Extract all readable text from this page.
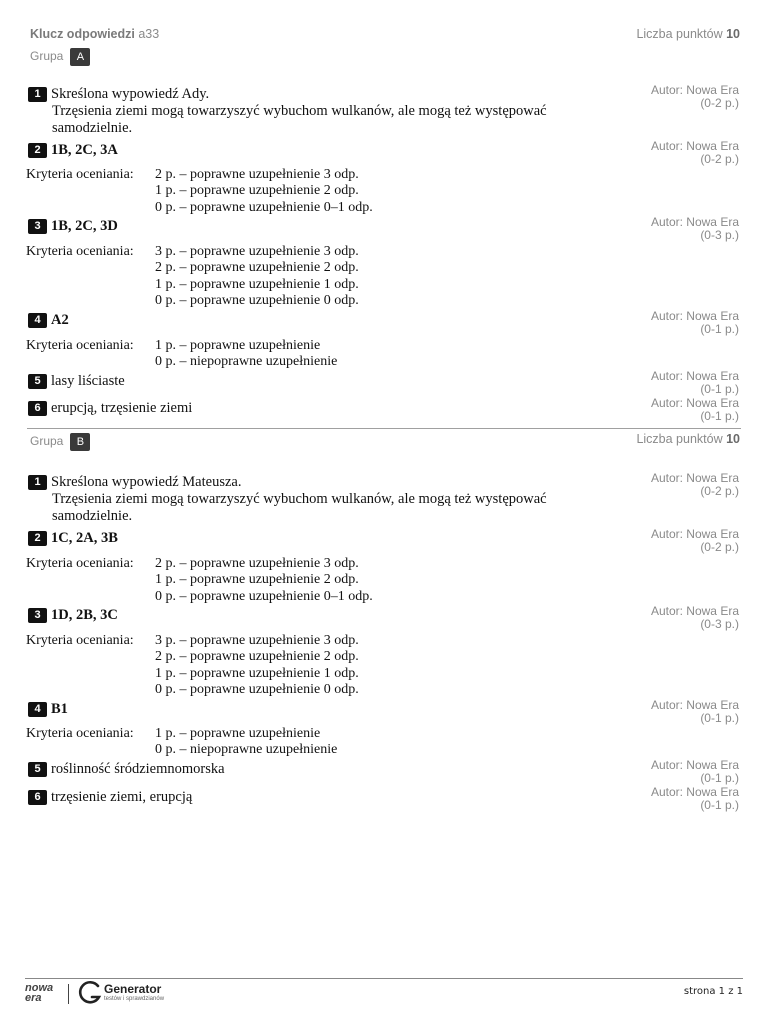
Klucz odpowiedzi a33	Liczba punktów 10
Grupa A
1 Skreślona wypowiedź Ady.

Trzęsienia ziemi mogą towarzyszyć wybuchom wulkanów, ale mogą też występować
samodzielnie.
Autor: Nowa Era
(0-2 p.)
2 1B, 2C, 3A	Autor: Nowa Era
(0-2 p.)
Kryteria oceniania: 2 p. – poprawne uzupełnienie 3 odp.
1 p. – poprawne uzupełnienie 2 odp.
0 p. – poprawne uzupełnienie 0–1 odp.
3 1B, 2C, 3D	Autor: Nowa Era
(0-3 p.)
Kryteria oceniania: 3 p. – poprawne uzupełnienie 3 odp.
2 p. – poprawne uzupełnienie 2 odp.
1 p. – poprawne uzupełnienie 1 odp.
0 p. – poprawne uzupełnienie 0 odp.
4 A2	Autor: Nowa Era
(0-1 p.)
Kryteria oceniania: 1 p. – poprawne uzupełnienie
0 p. – niepoprawne uzupełnienie
5 lasy liściaste	Autor: Nowa Era
(0-1 p.)
6 erupcją, trzęsienie ziemi	Autor: Nowa Era
(0-1 p.)
Grupa B	Liczba punktów 10
1 Skreślona wypowiedź Mateusza.

Trzęsienia ziemi mogą towarzyszyć wybuchom wulkanów, ale mogą też występować
samodzielnie.
Autor: Nowa Era
(0-2 p.)
2 1C, 2A, 3B	Autor: Nowa Era
(0-2 p.)
Kryteria oceniania: 2 p. – poprawne uzupełnienie 3 odp.
1 p. – poprawne uzupełnienie 2 odp.
0 p. – poprawne uzupełnienie 0–1 odp.
3 1D, 2B, 3C	Autor: Nowa Era
(0-3 p.)
Kryteria oceniania: 3 p. – poprawne uzupełnienie 3 odp.
2 p. – poprawne uzupełnienie 2 odp.
1 p. – poprawne uzupełnienie 1 odp.
0 p. – poprawne uzupełnienie 0 odp.
4 B1	Autor: Nowa Era
(0-1 p.)
Kryteria oceniania: 1 p. – poprawne uzupełnienie
0 p. – niepoprawne uzupełnienie
5 roślinność śródziemnomorska	Autor: Nowa Era
(0-1 p.)
6 trzęsienie ziemi, erupcją	Autor: Nowa Era
(0-1 p.)
nowa era
Generator
testów i sprawdzianów
strona 1 z 1
